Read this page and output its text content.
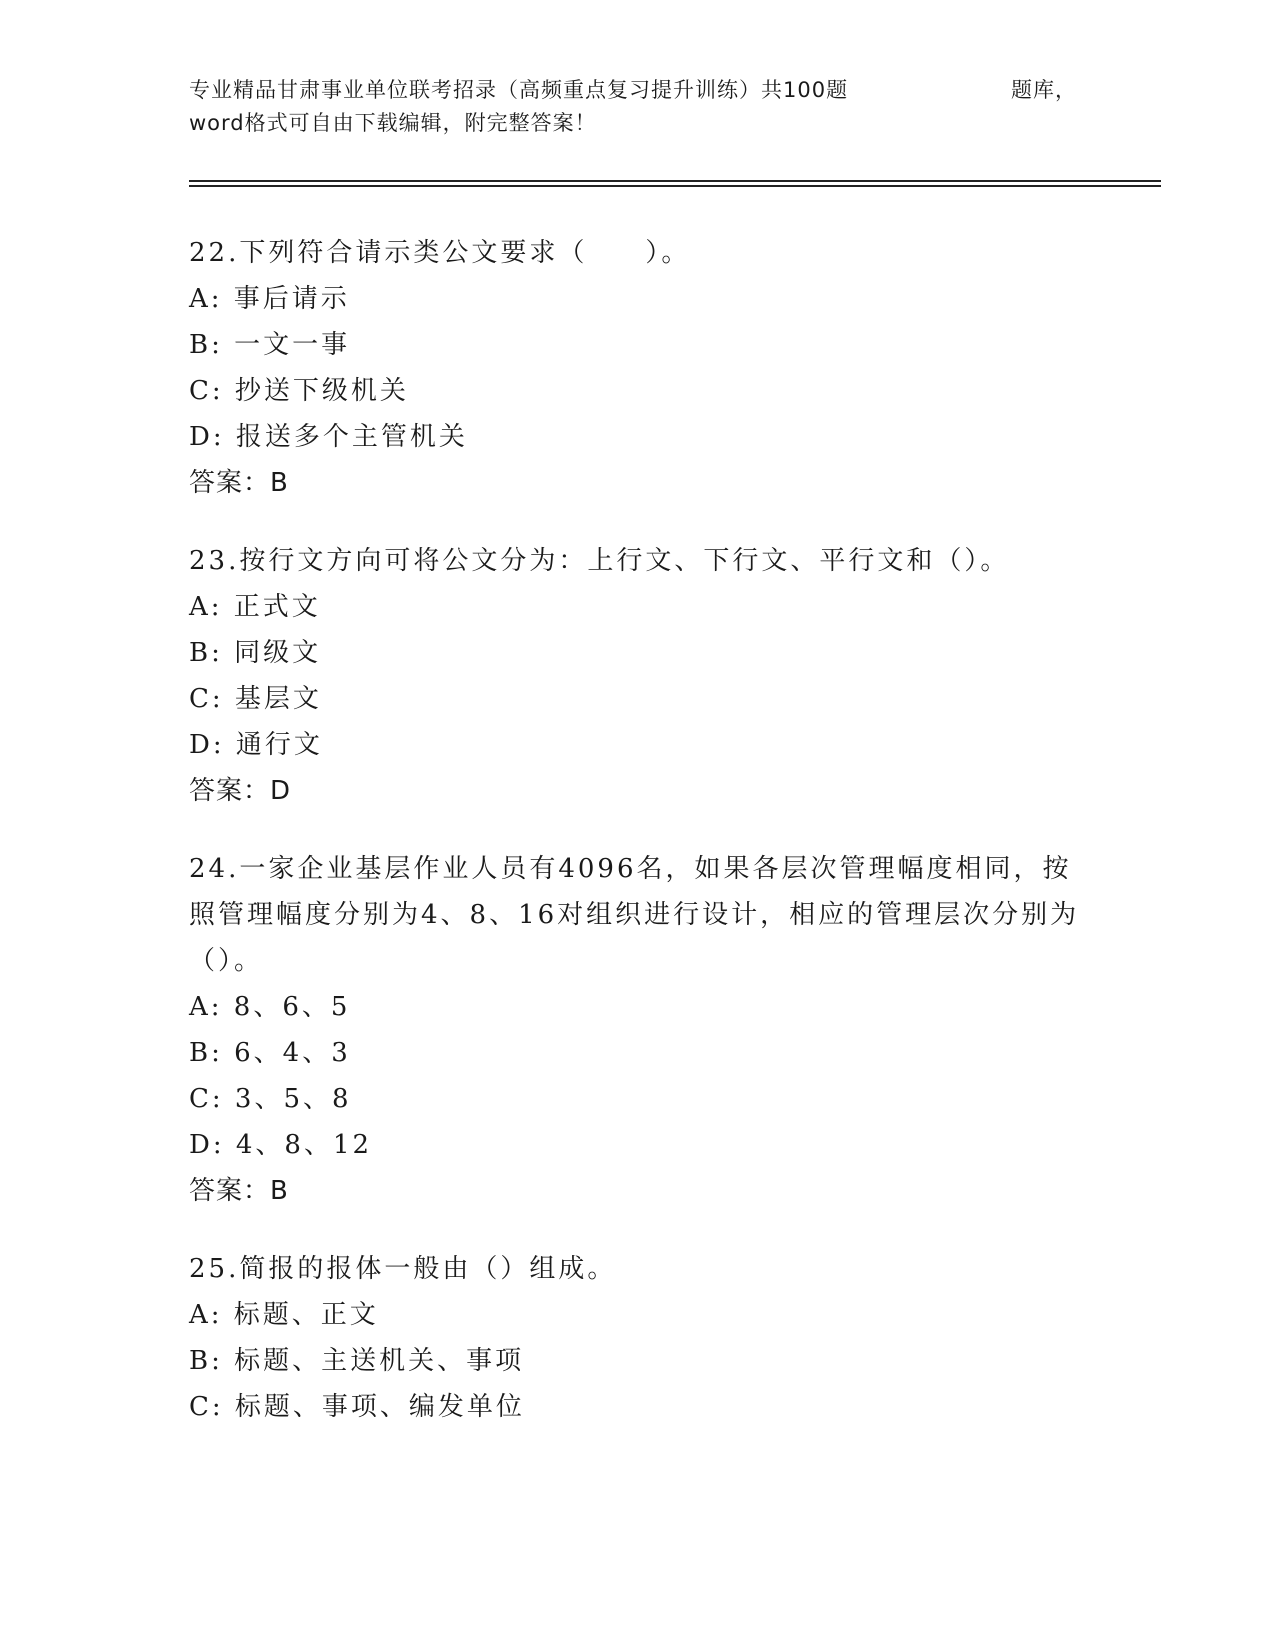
专业精品甘肃事业单位联考招录（高频重点复习提升训练）共100题	题库，
word格式可自由下载编辑，附完整答案！
22.下列符合请示类公文要求（　　）。
A: 事后请示
B: 一文一事
C: 抄送下级机关
D: 报送多个主管机关
答案：B
23.按行文方向可将公文分为：上行文、下行文、平行文和（）。
A: 正式文
B: 同级文
C: 基层文
D: 通行文
答案：D
24.一家企业基层作业人员有4096名，如果各层次管理幅度相同，按照管理幅度分别为4、8、16对组织进行设计，相应的管理层次分别为（）。
A: 8、6、5
B: 6、4、3
C: 3、5、8
D: 4、8、12
答案：B
25.简报的报体一般由（）组成。
A: 标题、正文
B: 标题、主送机关、事项
C: 标题、事项、编发单位
